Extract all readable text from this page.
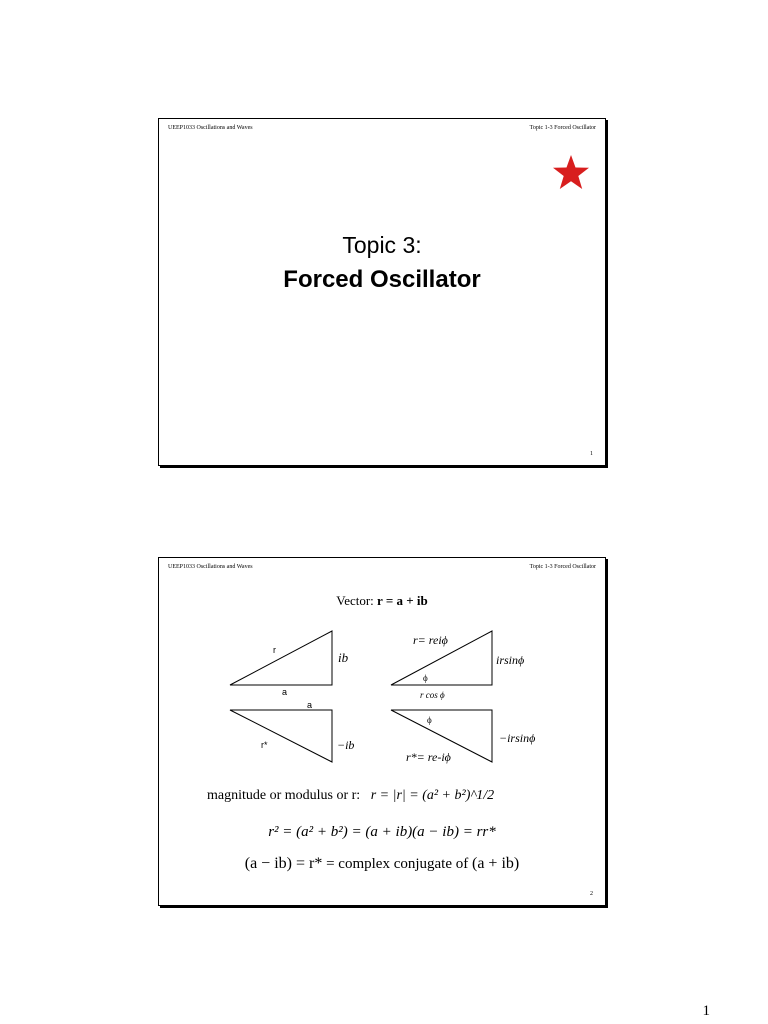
UEEP1033 Oscillations and Waves	Topic 1-3 Forced Oscillator
Topic 3:
Forced Oscillator
1
UEEP1033 Oscillations and Waves	Topic 1-3 Forced Oscillator
Vector: r = a + ib
r	ib
a
r= reiϕ
irsinϕ
ϕ
r cos ϕ
a
r*	−ib
ϕ
−irsinϕ
r*= re-iϕ
magnitude or modulus or r: r = |r| = (a² + b²)^1/2
r² = (a² + b²) = (a + ib)(a − ib) = rr*
(a − ib) = r* = complex conjugate of (a + ib)
2
1
